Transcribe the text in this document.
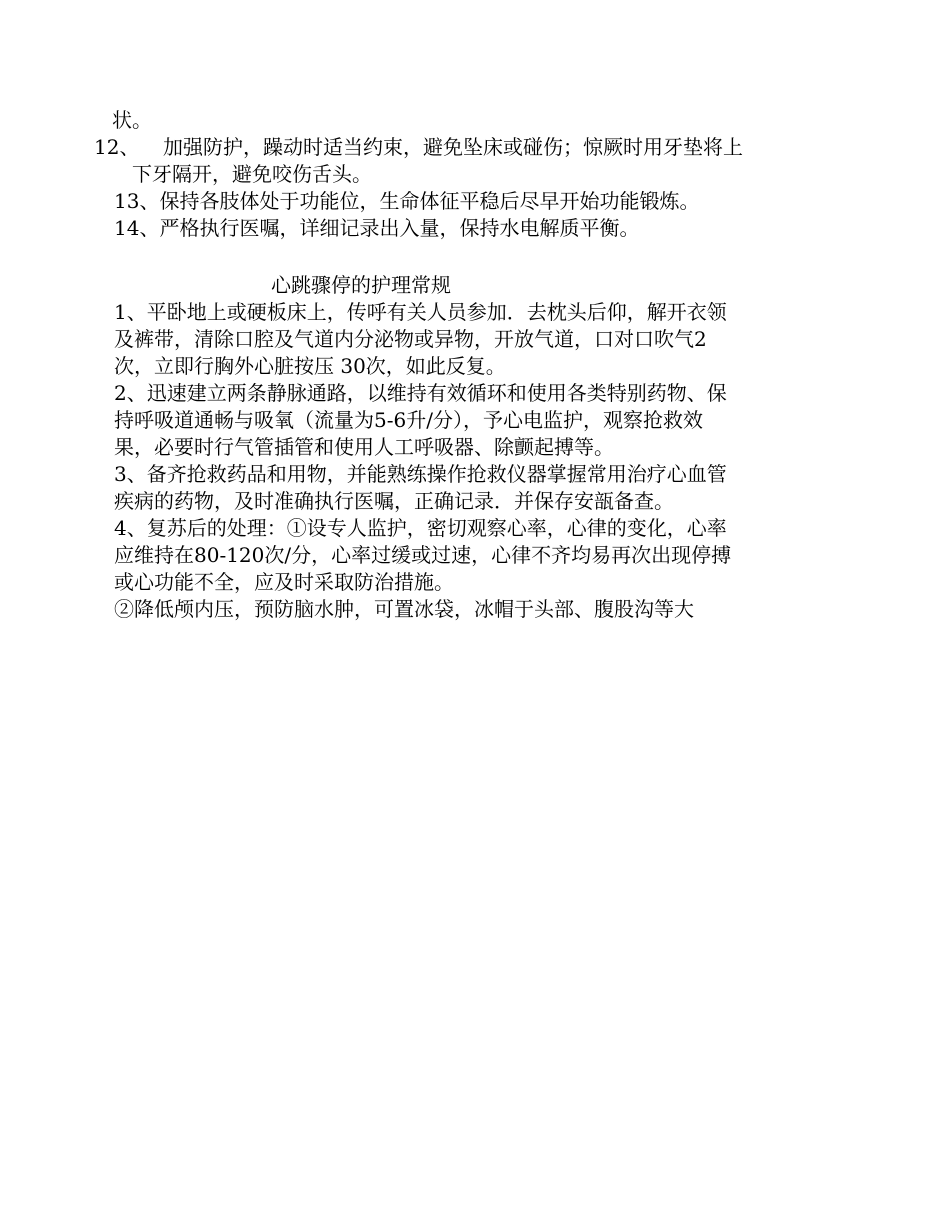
状。

12、 加强防护，躁动时适当约束，避免坠床或碰伤；惊厥时用牙垫将上

下牙隔开，避免咬伤舌头。

13、保持各肢体处于功能位，生命体征平稳后尽早开始功能锻炼。

14、严格执行医嘱，详细记录出入量，保持水电解质平衡。

心跳骤停的护理常规

1、平卧地上或硬板床上，传呼有关人员参加．去枕头后仰，解开衣领

及裤带，清除口腔及气道内分泌物或异物，开放气道，口对口吹气2

次，立即行胸外心脏按压 30次，如此反复。

2、迅速建立两条静脉通路，以维持有效循环和使用各类特别药物、保

持呼吸道通畅与吸氧（流量为5-6升/分），予心电监护，观察抢救效

果，必要时行气管插管和使用人工呼吸器、除颤起搏等。

3、备齐抢救药品和用物，并能熟练操作抢救仪器掌握常用治疗心血管

疾病的药物，及时准确执行医嘱，正确记录．并保存安瓿备查。

4、复苏后的处理：①设专人监护，密切观察心率，心律的变化，心率

应维持在80-120次/分，心率过缓或过速，心律不齐均易再次出现停搏

或心功能不全，应及时采取防治措施。

②降低颅内压，预防脑水肿，可置冰袋，冰帽于头部、腹股沟等大
